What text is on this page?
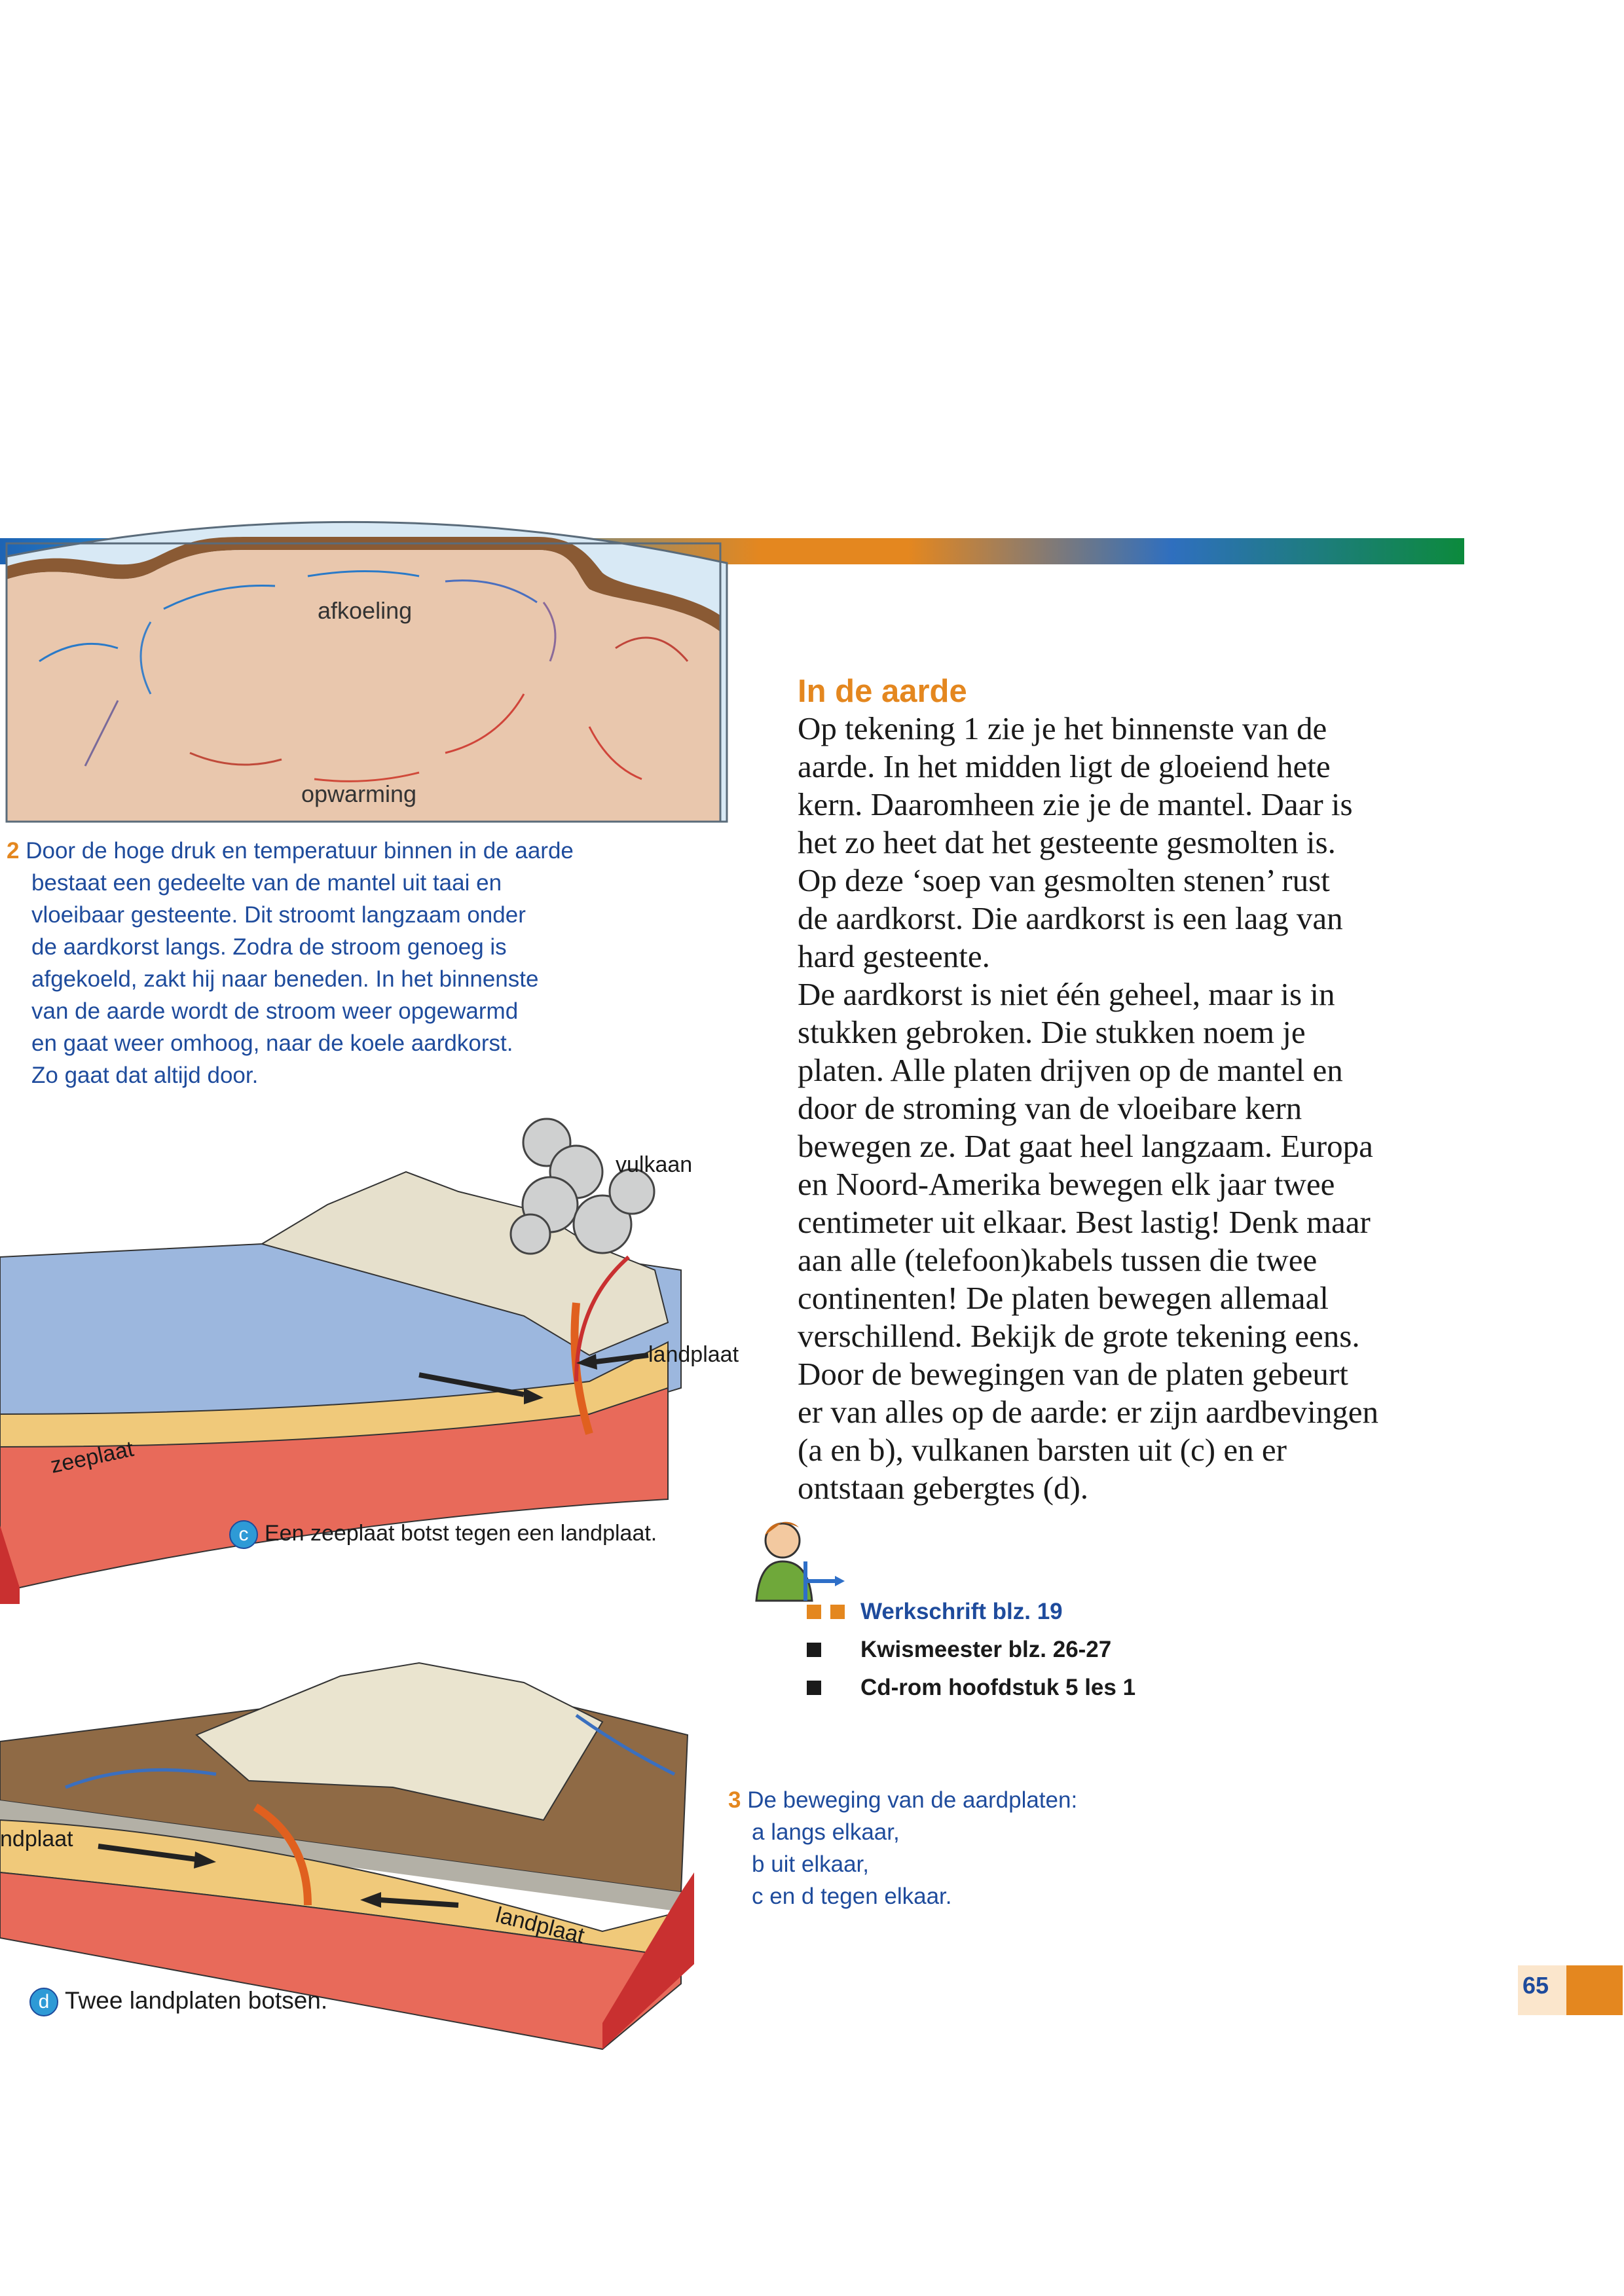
afkoeling
opwarming
2 Door de hoge druk en temperatuur binnen in de aarde
bestaat een gedeelte van de mantel uit taai en
vloeibaar gesteente. Dit stroomt langzaam onder
de aardkorst langs. Zodra de stroom genoeg is
afgekoeld, zakt hij naar beneden. In het binnenste
van de aarde wordt de stroom weer opgewarmd
en gaat weer omhoog, naar de koele aardkorst.
Zo gaat dat altijd door.
vulkaan
landplaat
zeeplaat
c Een zeeplaat botst tegen een landplaat.
ndplaat
landplaat
d Twee landplaten botsen.
In de aarde
Op tekening 1 zie je het binnenste van de
aarde. In het midden ligt de gloeiend hete
kern. Daaromheen zie je de mantel. Daar is
het zo heet dat het gesteente gesmolten is.
Op deze ‘soep van gesmolten stenen’ rust
de aardkorst. Die aardkorst is een laag van
hard gesteente.
De aardkorst is niet één geheel, maar is in
stukken gebroken. Die stukken noem je
platen. Alle platen drijven op de mantel en
door de stroming van de vloeibare kern
bewegen ze. Dat gaat heel langzaam. Europa
en Noord-Amerika bewegen elk jaar twee
centimeter uit elkaar. Best lastig! Denk maar
aan alle (telefoon)kabels tussen die twee
continenten! De platen bewegen allemaal
verschillend. Bekijk de grote tekening eens.
Door de bewegingen van de platen gebeurt
er van alles op de aarde: er zijn aardbevingen
(a en b), vulkanen barsten uit (c) en er
ontstaan gebergtes (d).
Werkschrift blz. 19
Kwismeester blz. 26-27
Cd-rom hoofdstuk 5 les 1
3 De beweging van de aardplaten:
a langs elkaar,
b uit elkaar,
c en d tegen elkaar.
65
